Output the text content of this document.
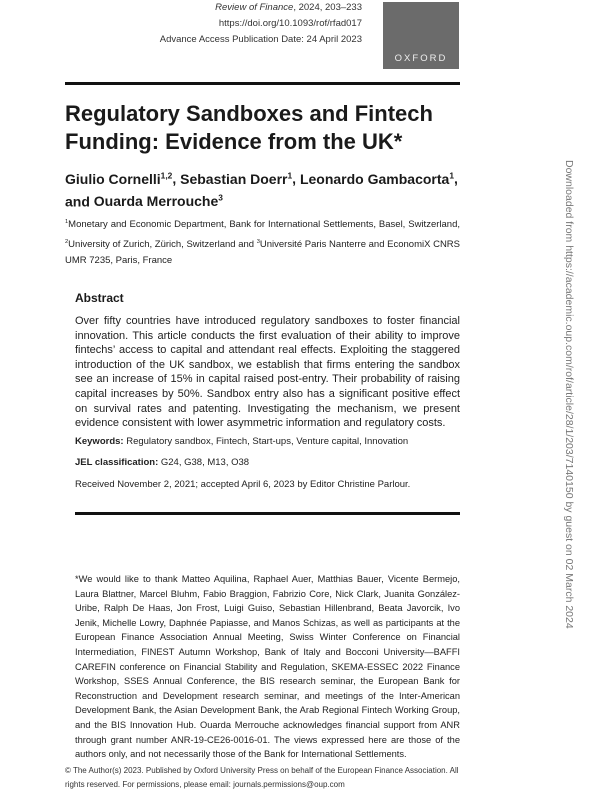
Review of Finance, 2024, 203–233
https://doi.org/10.1093/rof/rfad017
Advance Access Publication Date: 24 April 2023
OXFORD
Regulatory Sandboxes and Fintech Funding: Evidence from the UK*
Giulio Cornelli$^{1,2}$, Sebastian Doerr$^1$, Leonardo Gambacorta$^1$, and Ouarda Merrouche$^3$
$^1$Monetary and Economic Department, Bank for International Settlements, Basel, Switzerland, $^2$University of Zurich, Zürich, Switzerland and $^3$Université Paris Nanterre and EconomiX CNRS UMR 7235, Paris, France
Abstract
Over fifty countries have introduced regulatory sandboxes to foster financial innovation. This article conducts the first evaluation of their ability to improve fintechs’ access to capital and attendant real effects. Exploiting the staggered introduction of the UK sandbox, we establish that firms entering the sandbox see an increase of 15% in capital raised post-entry. Their probability of raising capital increases by 50%. Sandbox entry also has a significant positive effect on survival rates and patenting. Investigating the mechanism, we present evidence consistent with lower asymmetric information and regulatory costs.
Keywords: Regulatory sandbox, Fintech, Start-ups, Venture capital, Innovation
JEL classification: G24, G38, M13, O38
Received November 2, 2021; accepted April 6, 2023 by Editor Christine Parlour.
*We would like to thank Matteo Aquilina, Raphael Auer, Matthias Bauer, Vicente Bermejo, Laura Blattner, Marcel Bluhm, Fabio Braggion, Fabrizio Core, Nick Clark, Juanita González-Uribe, Ralph De Haas, Jon Frost, Luigi Guiso, Sebastian Hillenbrand, Beata Javorcik, Ivo Jenik, Michelle Lowry, Daphnée Papiasse, and Manos Schizas, as well as participants at the European Finance Association Annual Meeting, Swiss Winter Conference on Financial Intermediation, FINEST Autumn Workshop, Bank of Italy and Bocconi University—BAFFI CAREFIN conference on Financial Stability and Regulation, SKEMA-ESSEC 2022 Finance Workshop, SSES Annual Conference, the BIS research seminar, the European Bank for Reconstruction and Development research seminar, and meetings of the Inter-American Development Bank, the Asian Development Bank, the Arab Regional Fintech Working Group, and the BIS Innovation Hub. Ouarda Merrouche acknowledges financial support from ANR through grant number ANR-19-CE26-0016-01. The views expressed here are those of the authors only, and not necessarily those of the Bank for International Settlements.
© The Author(s) 2023. Published by Oxford University Press on behalf of the European Finance Association. All rights reserved. For permissions, please email: journals.permissions@oup.com
Downloaded from https://academic.oup.com/rof/article/28/1/203/7140150 by guest on 02 March 2024
